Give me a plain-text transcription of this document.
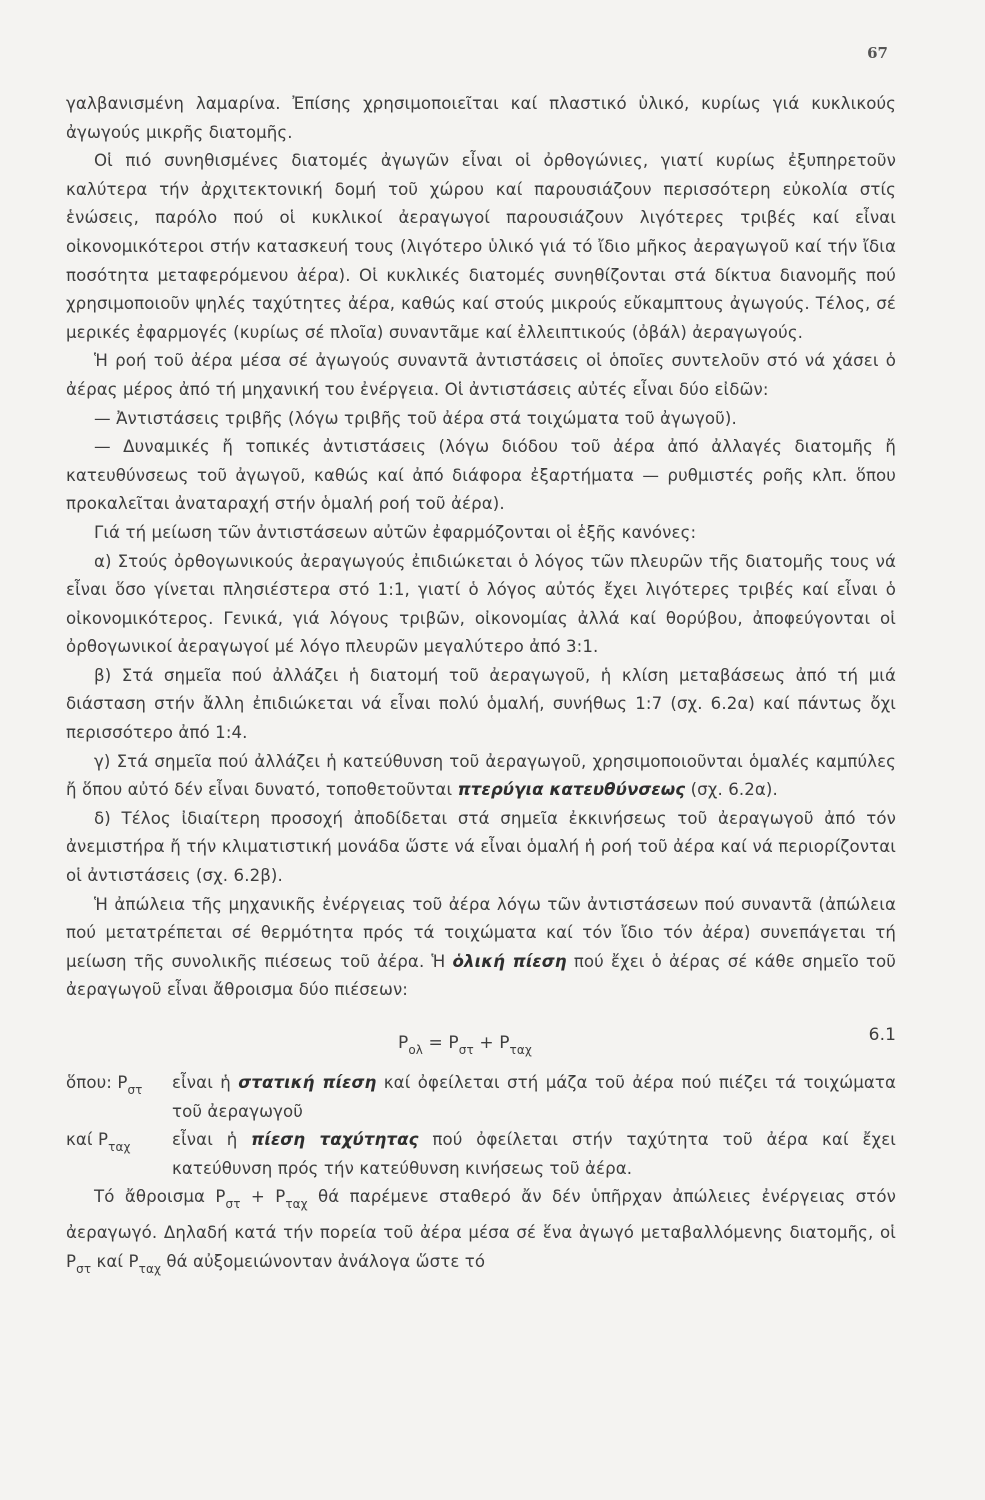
67

γαλβανισμένη λαμαρίνα. Ἐπίσης χρησιμοποιεῖται καί πλαστικό ὑλικό, κυρίως γιά κυκλικούς ἀγωγούς μικρῆς διατομῆς.

Οἱ πιό συνηθισμένες διατομές ἀγωγῶν εἶναι οἱ ὀρθογώνιες, γιατί κυρίως ἐξυπηρετοῦν καλύτερα τήν ἀρχιτεκτονική δομή τοῦ χώρου καί παρουσιάζουν περισσότερη εὐκολία στίς ἑνώσεις, παρόλο πού οἱ κυκλικοί ἀεραγωγοί παρουσιάζουν λιγότερες τριβές καί εἶναι οἰκονομικότεροι στήν κατασκευή τους (λιγότερο ὑλικό γιά τό ἴδιο μῆκος ἀεραγωγοῦ καί τήν ἴδια ποσότητα μεταφερόμενου ἀέρα). Οἱ κυκλικές διατομές συνηθίζονται στά δίκτυα διανομῆς πού χρησιμοποιοῦν ψηλές ταχύτητες ἀέρα, καθώς καί στούς μικρούς εὔκαμπτους ἀγωγούς. Τέλος, σέ μερικές ἐφαρμογές (κυρίως σέ πλοῖα) συναντᾶμε καί ἐλλειπτικούς (ὀβάλ) ἀεραγωγούς.

Ἡ ροή τοῦ ἀέρα μέσα σέ ἀγωγούς συναντᾶ ἀντιστάσεις οἱ ὁποῖες συντελοῦν στό νά χάσει ὁ ἀέρας μέρος ἀπό τή μηχανική του ἐνέργεια. Οἱ ἀντιστάσεις αὐτές εἶναι δύο εἰδῶν:

— Ἀντιστάσεις τριβῆς (λόγω τριβῆς τοῦ ἀέρα στά τοιχώματα τοῦ ἀγωγοῦ).

— Δυναμικές ἤ τοπικές ἀντιστάσεις (λόγω διόδου τοῦ ἀέρα ἀπό ἀλλαγές διατομῆς ἤ κατευθύνσεως τοῦ ἀγωγοῦ, καθώς καί ἀπό διάφορα ἐξαρτήματα — ρυθμιστές ροῆς κλπ. ὅπου προκαλεῖται ἀναταραχή στήν ὁμαλή ροή τοῦ ἀέρα).

Γιά τή μείωση τῶν ἀντιστάσεων αὐτῶν ἐφαρμόζονται οἱ ἑξῆς κανόνες:

α) Στούς ὀρθογωνικούς ἀεραγωγούς ἐπιδιώκεται ὁ λόγος τῶν πλευρῶν τῆς διατομῆς τους νά εἶναι ὅσο γίνεται πλησιέστερα στό 1:1, γιατί ὁ λόγος αὐτός ἔχει λιγότερες τριβές καί εἶναι ὁ οἰκονομικότερος. Γενικά, γιά λόγους τριβῶν, οἰκονομίας ἀλλά καί θορύβου, ἀποφεύγονται οἱ ὀρθογωνικοί ἀεραγωγοί μέ λόγο πλευρῶν μεγαλύτερο ἀπό 3:1.

β) Στά σημεῖα πού ἀλλάζει ἡ διατομή τοῦ ἀεραγωγοῦ, ἡ κλίση μεταβάσεως ἀπό τή μιά διάσταση στήν ἄλλη ἐπιδιώκεται νά εἶναι πολύ ὁμαλή, συνήθως 1:7 (σχ. 6.2α) καί πάντως ὄχι περισσότερο ἀπό 1:4.

γ) Στά σημεῖα πού ἀλλάζει ἡ κατεύθυνση τοῦ ἀεραγωγοῦ, χρησιμοποιοῦνται ὁμαλές καμπύλες ἤ ὅπου αὐτό δέν εἶναι δυνατό, τοποθετοῦνται πτερύγια κατευθύνσεως (σχ. 6.2α).

δ) Τέλος ἰδιαίτερη προσοχή ἀποδίδεται στά σημεῖα ἐκκινήσεως τοῦ ἀεραγωγοῦ ἀπό τόν ἀνεμιστήρα ἤ τήν κλιματιστική μονάδα ὥστε νά εἶναι ὁμαλή ἡ ροή τοῦ ἀέρα καί νά περιορίζονται οἱ ἀντιστάσεις (σχ. 6.2β).

Ἡ ἀπώλεια τῆς μηχανικῆς ἐνέργειας τοῦ ἀέρα λόγω τῶν ἀντιστάσεων πού συναντᾶ (ἀπώλεια πού μετατρέπεται σέ θερμότητα πρός τά τοιχώματα καί τόν ἴδιο τόν ἀέρα) συνεπάγεται τή μείωση τῆς συνολικῆς πιέσεως τοῦ ἀέρα. Ἡ ὁλική πίεση πού ἔχει ὁ ἀέρας σέ κάθε σημεῖο τοῦ ἀεραγωγοῦ εἶναι ἄθροισμα δύο πιέσεων:

$P_{o\lambda} = P_{\sigma\tau} + P_{\tau\alpha\chi}$
6.1
ὅπου: $P_{\sigma\tau}$	εἶναι ἡ στατική πίεση καί ὀφείλεται στή μάζα τοῦ ἀέρα πού πιέζει τά τοιχώματα τοῦ ἀεραγωγοῦ
καί $P_{\tau\alpha\chi}$	εἶναι ἡ πίεση ταχύτητας πού ὀφείλεται στήν ταχύτητα τοῦ ἀέρα καί ἔχει κατεύθυνση πρός τήν κατεύθυνση κινήσεως τοῦ ἀέρα.

Τό ἄθροισμα $P_{\sigma\tau} + P_{\tau\alpha\chi}$ θά παρέμενε σταθερό ἄν δέν ὑπῆρχαν ἀπώλειες ἐνέργειας στόν ἀεραγωγό. Δηλαδή κατά τήν πορεία τοῦ ἀέρα μέσα σέ ἕνα ἀγωγό μεταβαλλόμενης διατομῆς, οἱ $P_{\sigma\tau}$ καί $P_{\tau\alpha\chi}$ θά αὐξομειώνονταν ἀνάλογα ὥστε τό
